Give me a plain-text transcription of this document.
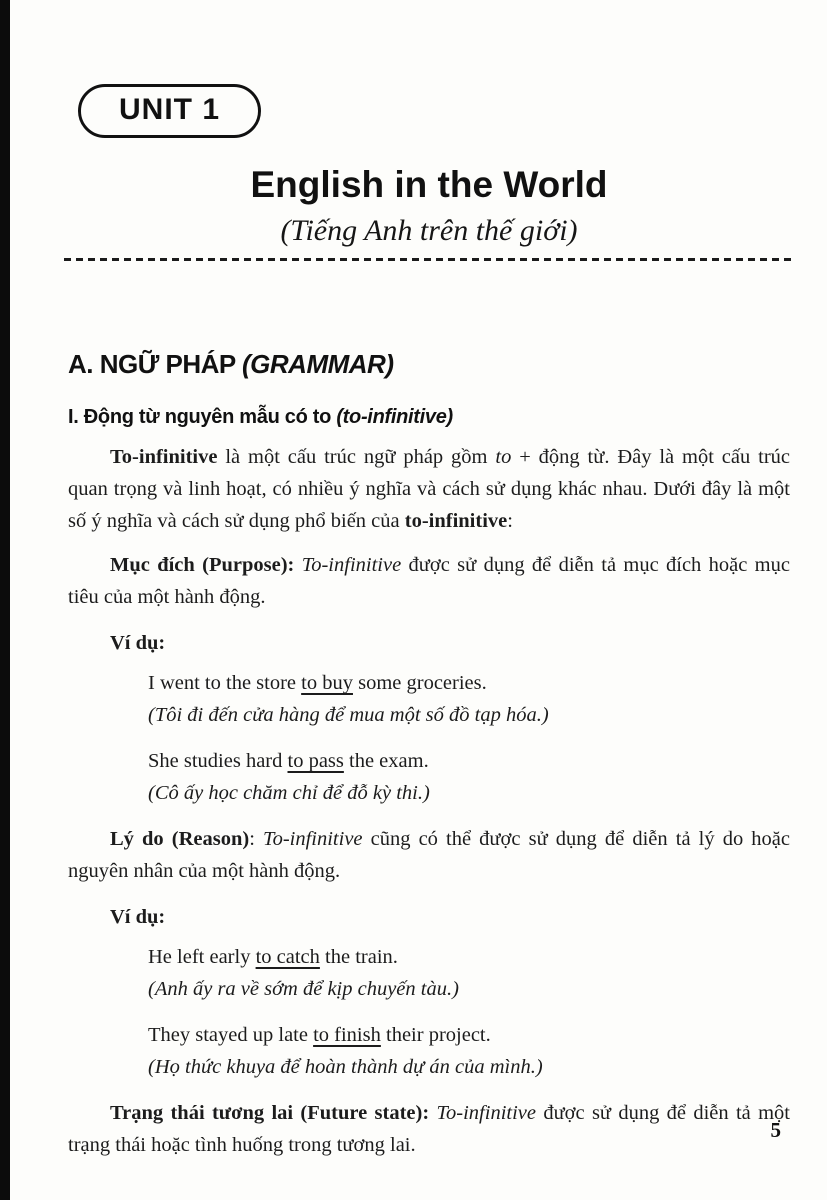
UNIT 1
English in the World
(Tiếng Anh trên thế giới)
A. NGỮ PHÁP (GRAMMAR)
I. Động từ nguyên mẫu có to (to-infinitive)
To-infinitive là một cấu trúc ngữ pháp gồm to + động từ. Đây là một cấu trúc quan trọng và linh hoạt, có nhiều ý nghĩa và cách sử dụng khác nhau. Dưới đây là một số ý nghĩa và cách sử dụng phổ biến của to-infinitive:
Mục đích (Purpose): To-infinitive được sử dụng để diễn tả mục đích hoặc mục tiêu của một hành động.
Ví dụ:
I went to the store to buy some groceries.
(Tôi đi đến cửa hàng để mua một số đồ tạp hóa.)
She studies hard to pass the exam.
(Cô ấy học chăm chỉ để đỗ kỳ thi.)
Lý do (Reason): To-infinitive cũng có thể được sử dụng để diễn tả lý do hoặc nguyên nhân của một hành động.
Ví dụ:
He left early to catch the train.
(Anh ấy ra về sớm để kịp chuyến tàu.)
They stayed up late to finish their project.
(Họ thức khuya để hoàn thành dự án của mình.)
Trạng thái tương lai (Future state): To-infinitive được sử dụng để diễn tả một trạng thái hoặc tình huống trong tương lai.
5
